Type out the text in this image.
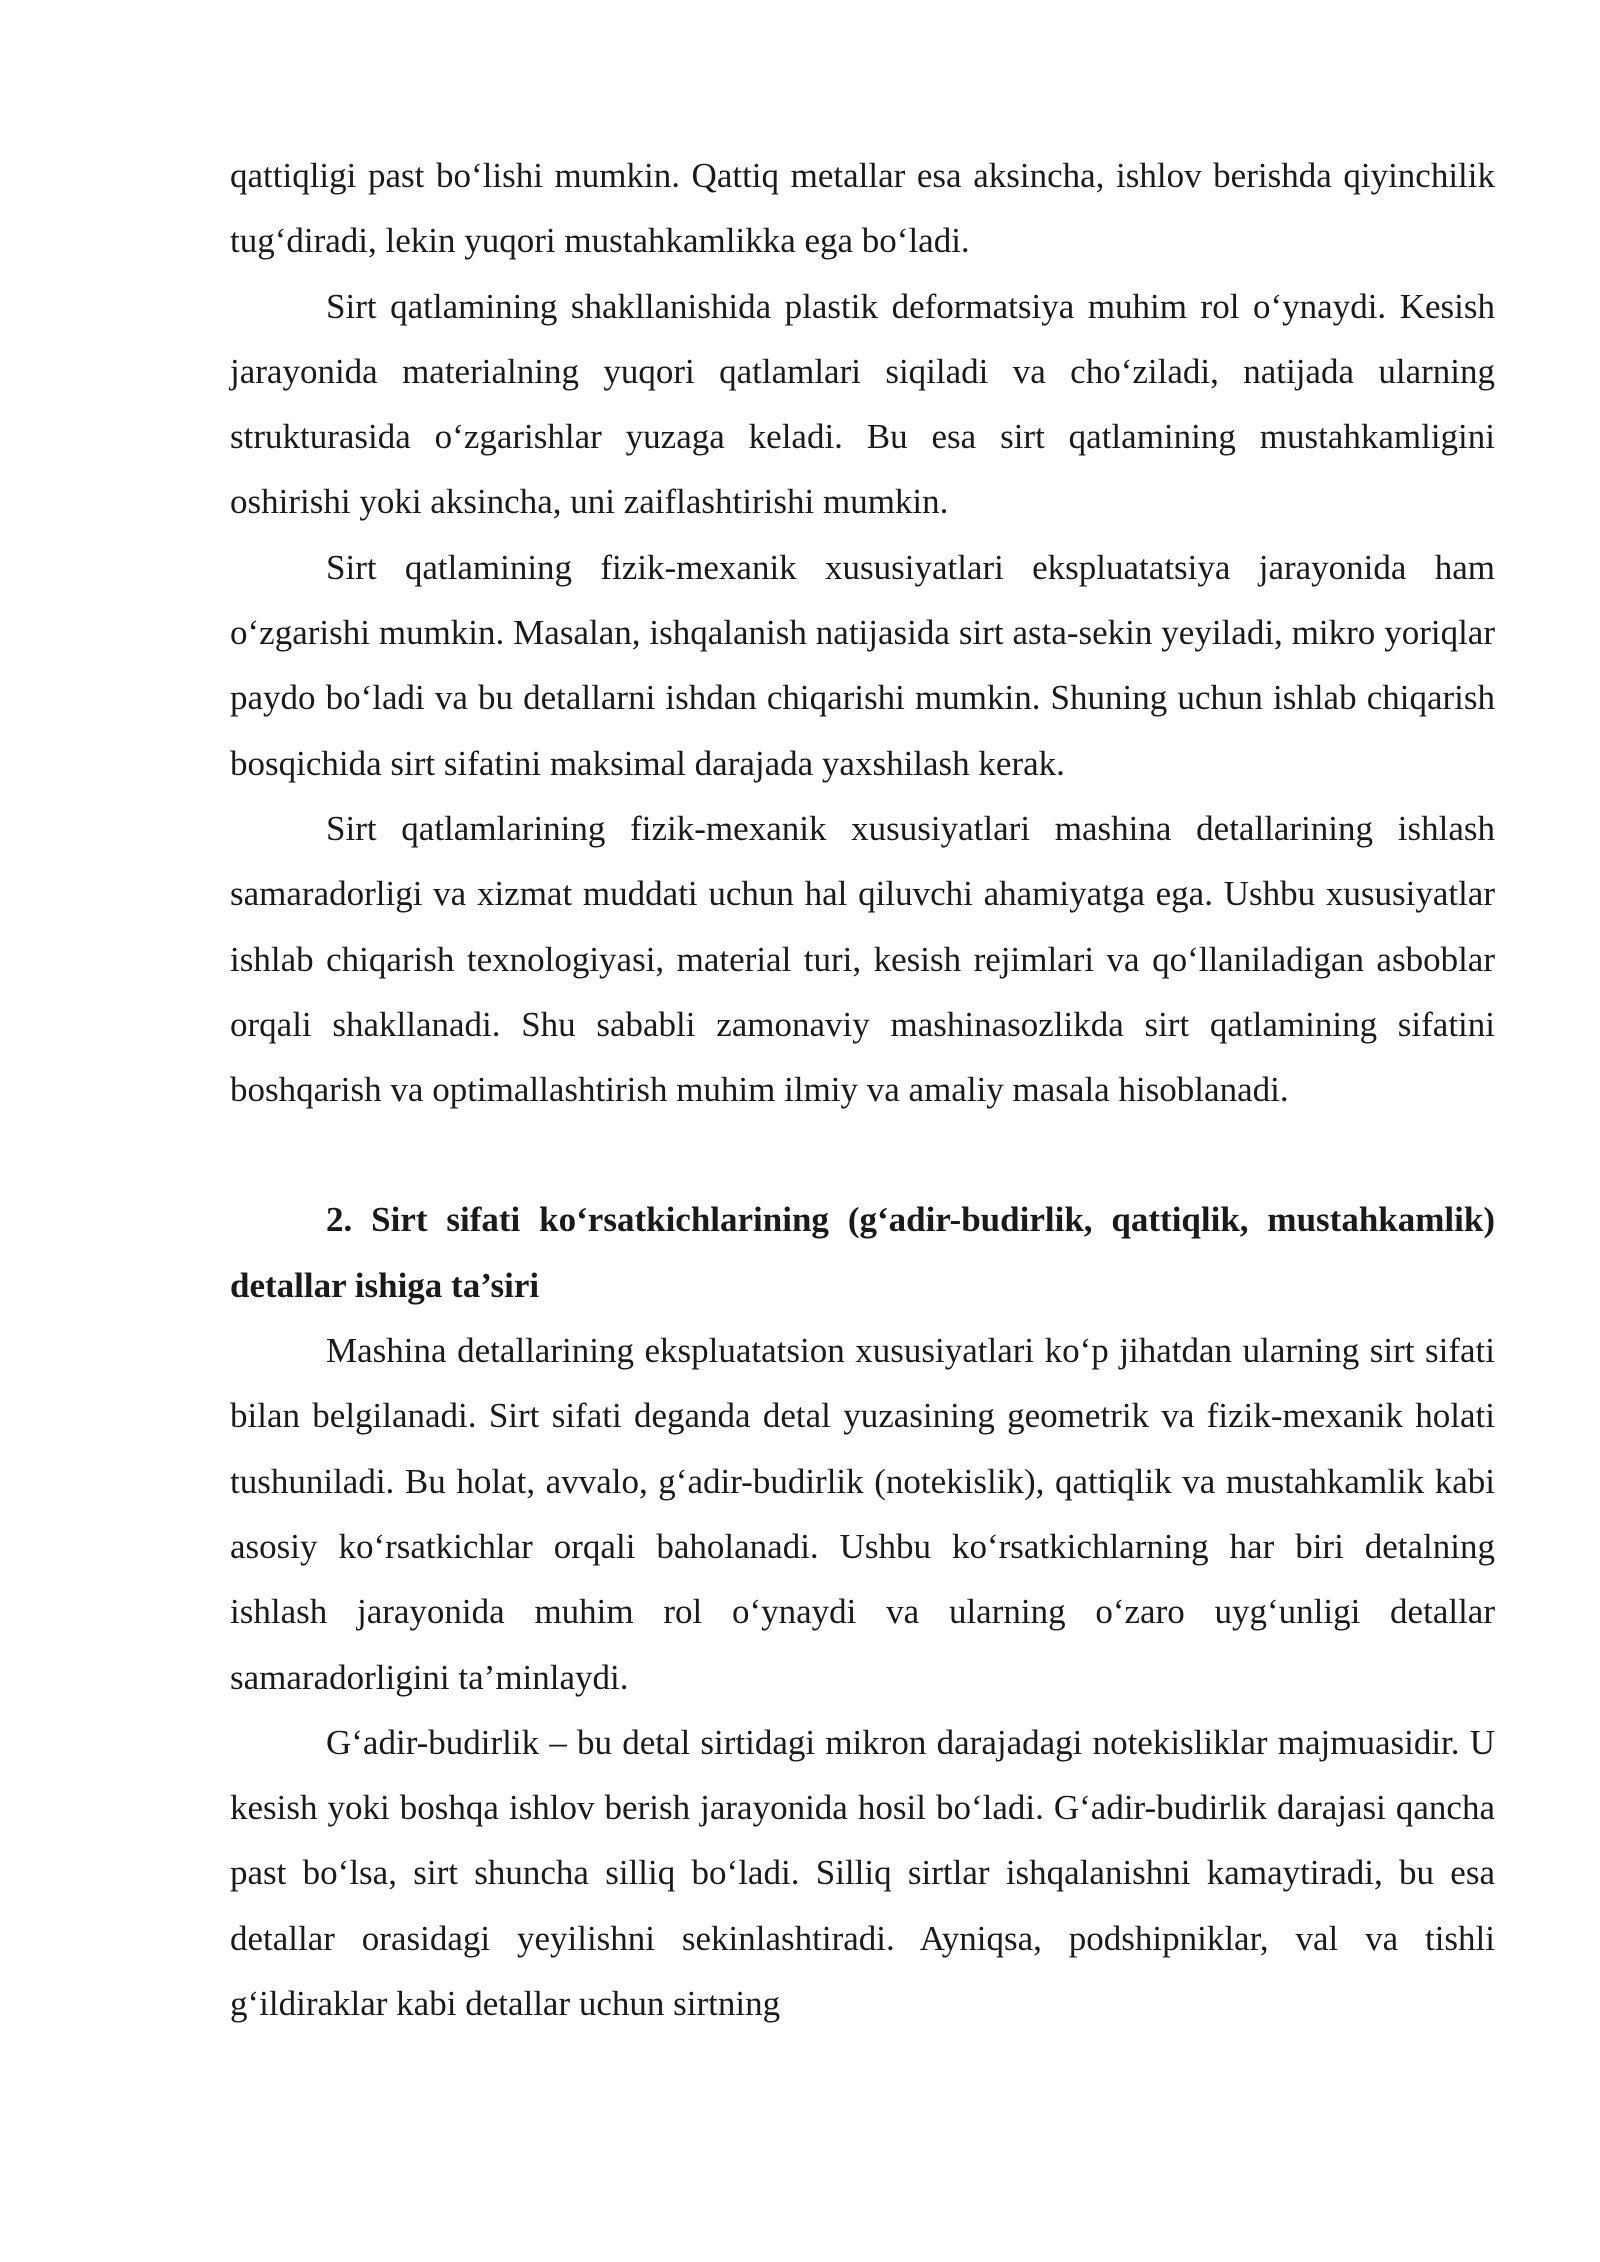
qattiqligi past bo‘lishi mumkin. Qattiq metallar esa aksincha, ishlov berishda qiyinchilik tug‘diradi, lekin yuqori mustahkamlikka ega bo‘ladi.

Sirt qatlamining shakllanishida plastik deformatsiya muhim rol o‘ynaydi. Kesish jarayonida materialning yuqori qatlamlari siqiladi va cho‘ziladi, natijada ularning strukturasida o‘zgarishlar yuzaga keladi. Bu esa sirt qatlamining mustahkamligini oshirishi yoki aksincha, uni zaiflashtirishi mumkin.

Sirt qatlamining fizik-mexanik xususiyatlari ekspluatatsiya jarayonida ham o‘zgarishi mumkin. Masalan, ishqalanish natijasida sirt asta-sekin yeyiladi, mikro yoriqlar paydo bo‘ladi va bu detallarni ishdan chiqarishi mumkin. Shuning uchun ishlab chiqarish bosqichida sirt sifatini maksimal darajada yaxshilash kerak.

Sirt qatlamlarining fizik-mexanik xususiyatlari mashina detallarining ishlash samaradorligi va xizmat muddati uchun hal qiluvchi ahamiyatga ega. Ushbu xususiyatlar ishlab chiqarish texnologiyasi, material turi, kesish rejimlari va qo‘llaniladigan asboblar orqali shakllanadi. Shu sababli zamonaviy mashinasozlikda sirt qatlamining sifatini boshqarish va optimallashtirish muhim ilmiy va amaliy masala hisoblanadi.

2. Sirt sifati ko‘rsatkichlarining (g‘adir-budirlik, qattiqlik, mustahkamlik) detallar ishiga ta’siri

Mashina detallarining ekspluatatsion xususiyatlari ko‘p jihatdan ularning sirt sifati bilan belgilanadi. Sirt sifati deganda detal yuzasining geometrik va fizik-mexanik holati tushuniladi. Bu holat, avvalo, g‘adir-budirlik (notekislik), qattiqlik va mustahkamlik kabi asosiy ko‘rsatkichlar orqali baholanadi. Ushbu ko‘rsatkichlarning har biri detalning ishlash jarayonida muhim rol o‘ynaydi va ularning o‘zaro uyg‘unligi detallar samaradorligini ta’minlaydi.

G‘adir-budirlik – bu detal sirtidagi mikron darajadagi notekisliklar majmuasidir. U kesish yoki boshqa ishlov berish jarayonida hosil bo‘ladi. G‘adir-budirlik darajasi qancha past bo‘lsa, sirt shuncha silliq bo‘ladi. Silliq sirtlar ishqalanishni kamaytiradi, bu esa detallar orasidagi yeyilishni sekinlashtiradi. Ayniqsa, podshipniklar, val va tishli g‘ildiraklar kabi detallar uchun sirtning
